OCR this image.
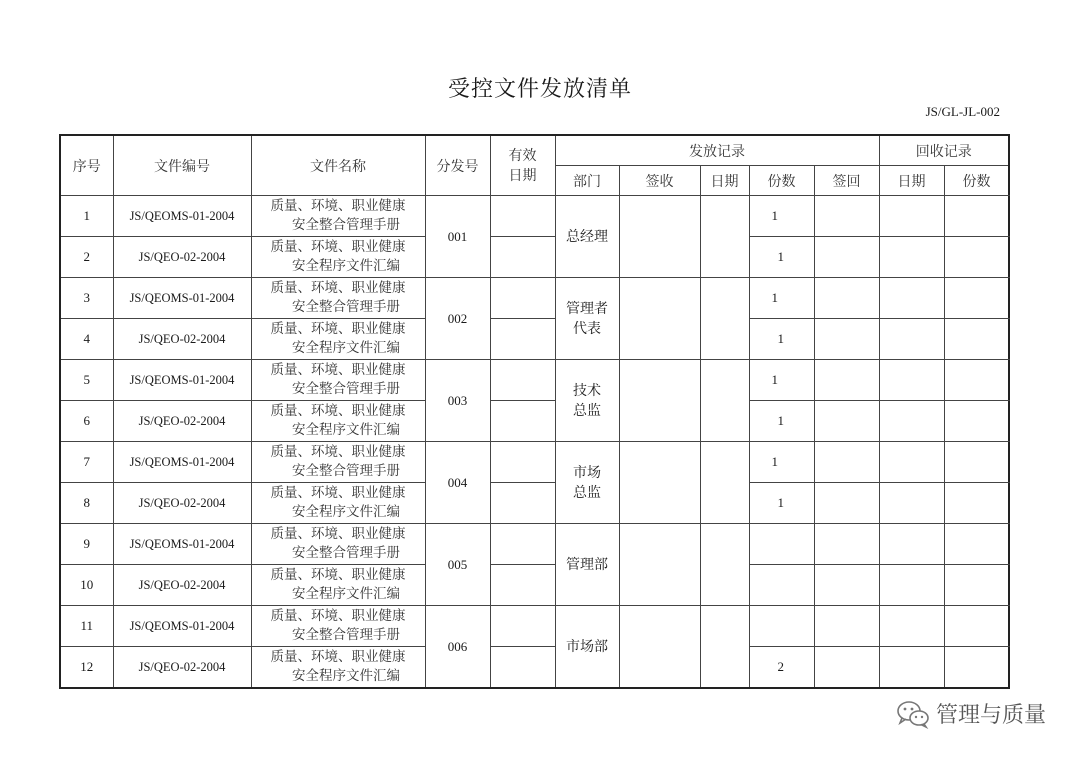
受控文件发放清单
JS/GL-JL-002
序号	文件编号	文件名称	分发号	有效日期	发放记录					回收记录	
					部门	签收	日期	份数	签回	日期	份数
1	JS/QEOMS-01-2004	质量、环境、职业健康
安全整合管理手册	001		总经理			1			
2	JS/QEO-02-2004	质量、环境、职业健康
安全程序文件汇编						1			
3	JS/QEOMS-01-2004	质量、环境、职业健康
安全整合管理手册	002		管理者
代表			1			
4	JS/QEO-02-2004	质量、环境、职业健康
安全程序文件汇编						1			
5	JS/QEOMS-01-2004	质量、环境、职业健康
安全整合管理手册	003		技术
总监			1			
6	JS/QEO-02-2004	质量、环境、职业健康
安全程序文件汇编						1			
7	JS/QEOMS-01-2004	质量、环境、职业健康
安全整合管理手册	004		市场
总监			1			
8	JS/QEO-02-2004	质量、环境、职业健康
安全程序文件汇编						1			
9	JS/QEOMS-01-2004	质量、环境、职业健康
安全整合管理手册	005		管理部						

10	JS/QEO-02-2004	质量、环境、职业健康
安全程序文件汇编									

11	JS/QEOMS-01-2004	质量、环境、职业健康
安全整合管理手册	006		市场部						

12	JS/QEO-02-2004	质量、环境、职业健康
安全程序文件汇编						2			
管理与质量
